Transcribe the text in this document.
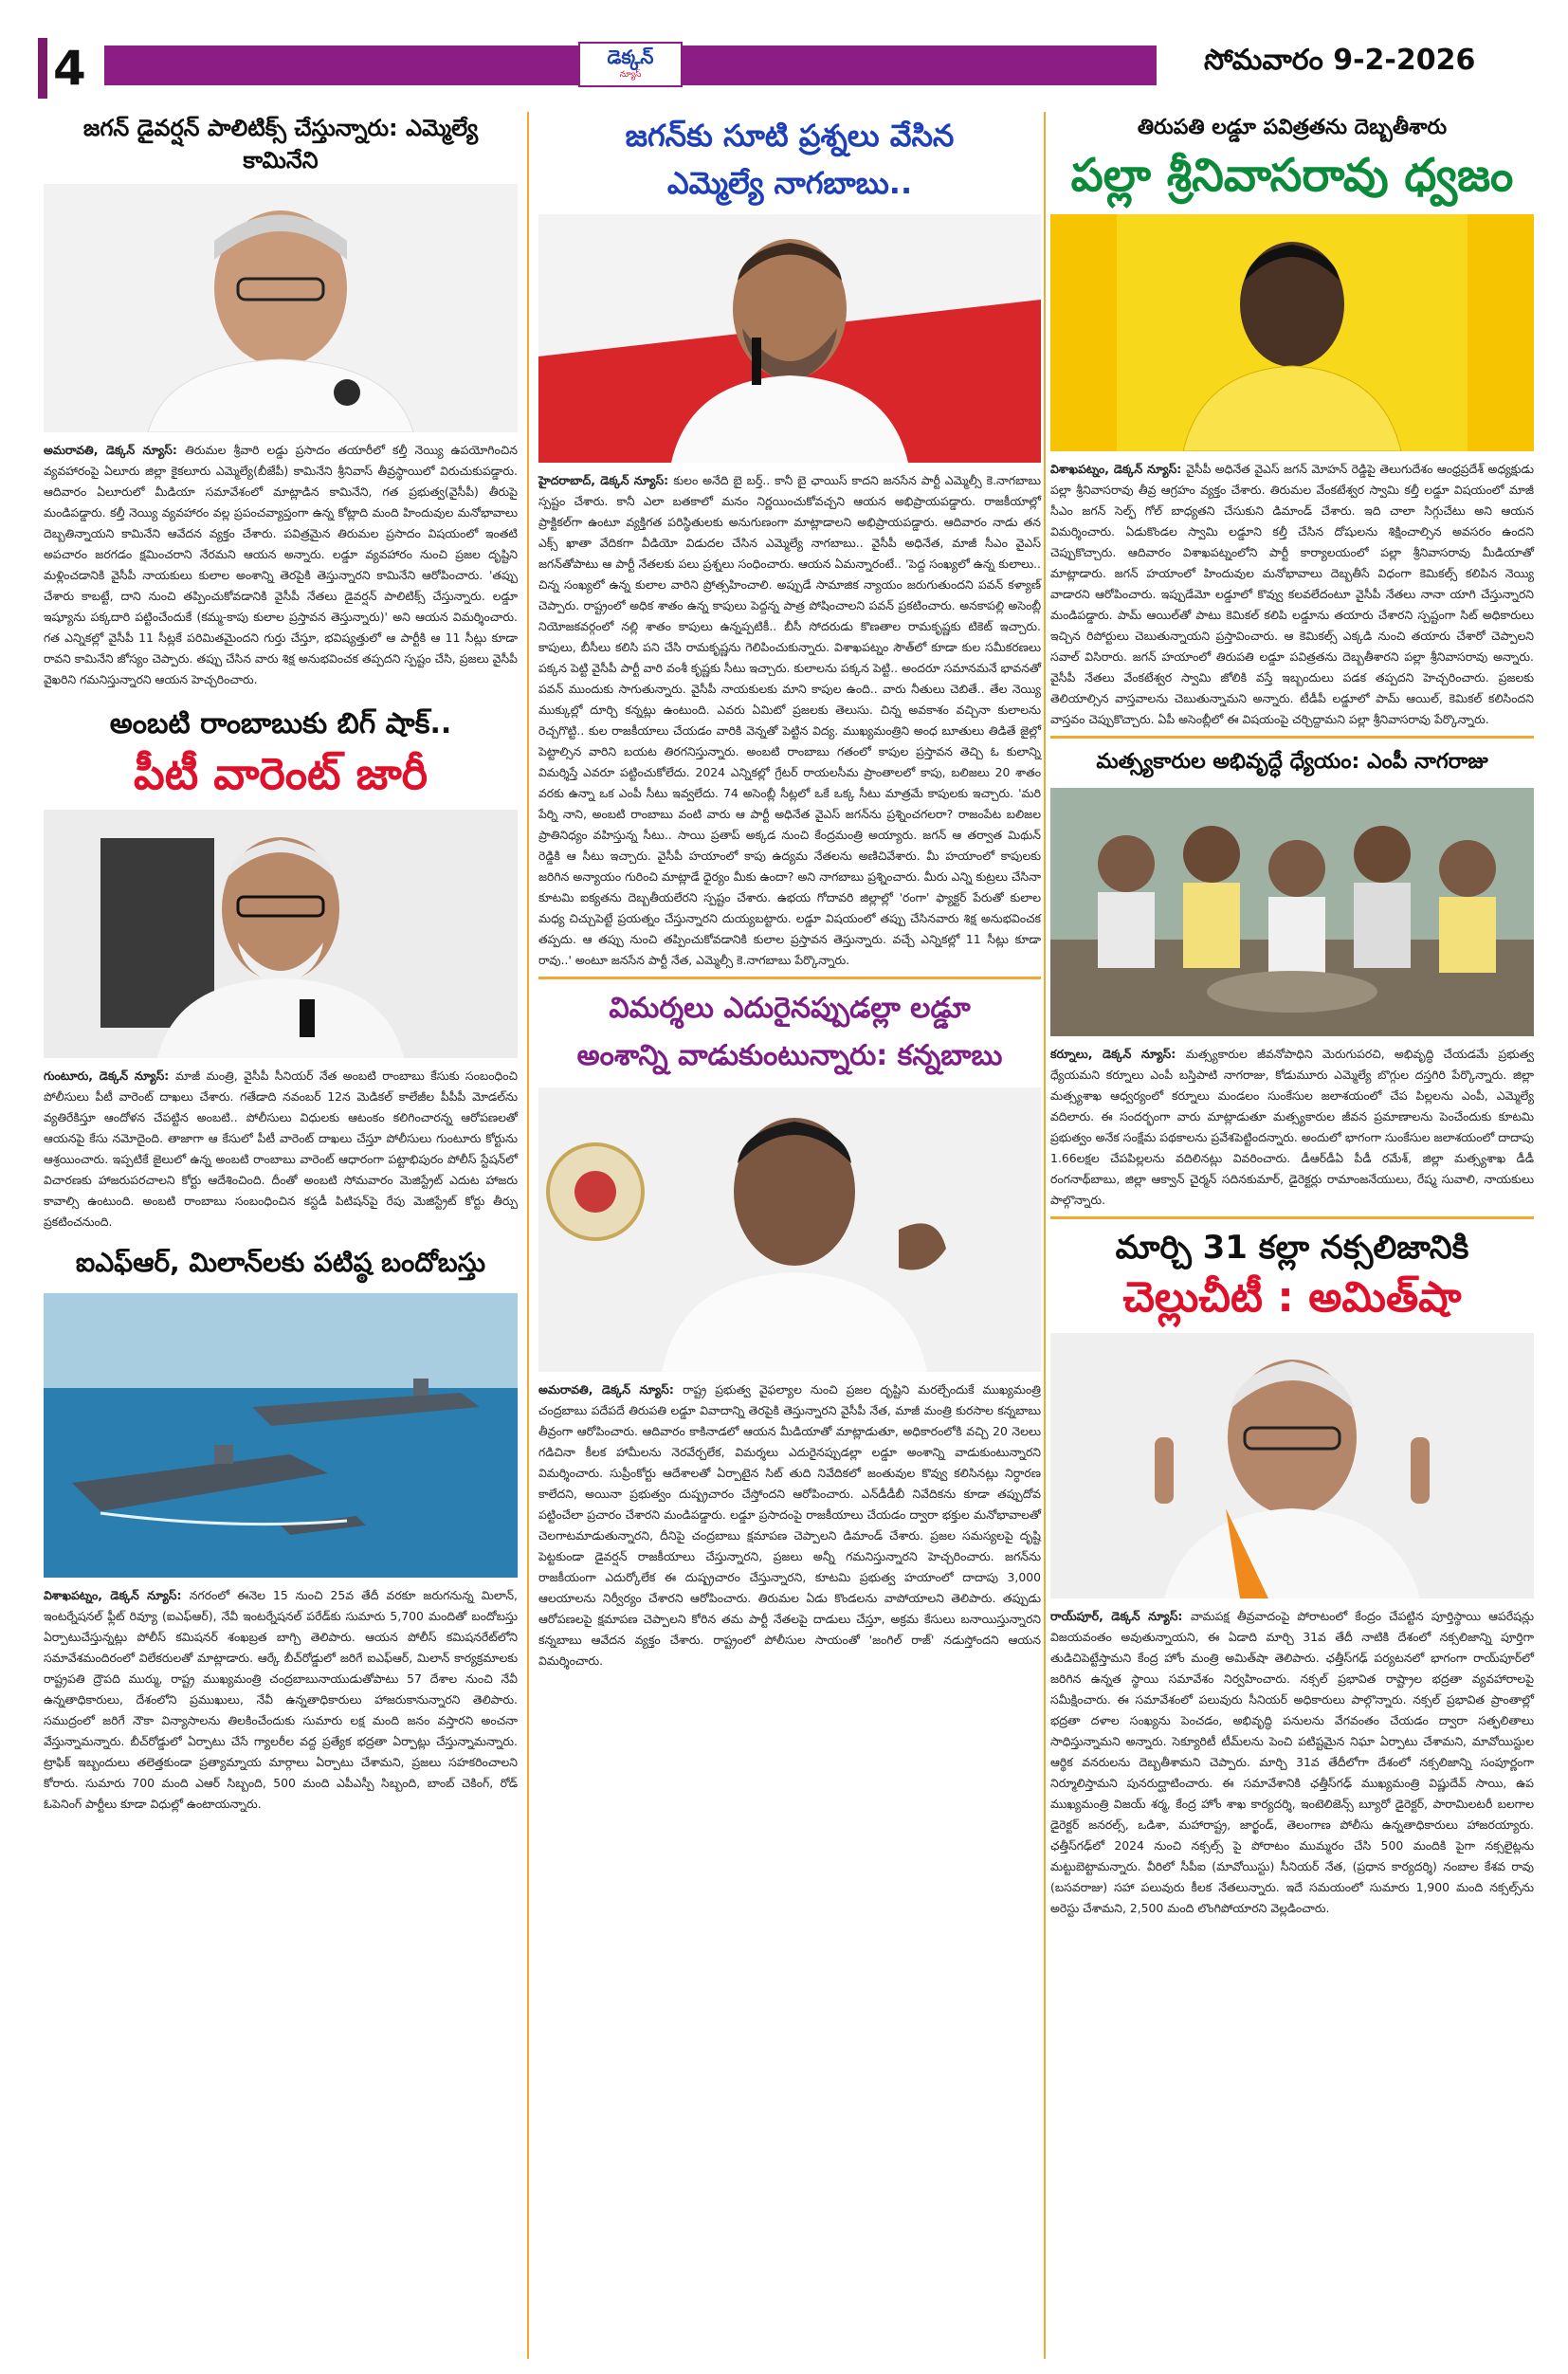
4	డెక్కన్
న్యూస్	సోమవారం 9-2-2026
జగన్ డైవర్షన్ పాలిటిక్స్ చేస్తున్నారు: ఎమ్మెల్యే కామినేని
అమరావతి, డెక్కన్ న్యూస్: తిరుమల శ్రీవారి లడ్డు ప్రసాదం తయారీలో కల్తీ నెయ్యి ఉపయోగించిన వ్యవహారంపై ఏలూరు జిల్లా కైకలూరు ఎమ్మెల్యే(బీజేపీ) కామినేని శ్రీనివాస్ తీవ్రస్థాయిలో విరుచుకుపడ్డారు. ఆదివారం ఏలూరులో మీడియా సమావేశంలో మాట్లాడిన కామినేని, గత ప్రభుత్వ(వైసీపీ) తీరుపై మండిపడ్డారు. కల్తీ నెయ్యి వ్యవహారం వల్ల ప్రపంచవ్యాప్తంగా ఉన్న కోట్లాది మంది హిందువుల మనోభావాలు దెబ్బతిన్నాయని కామినేని ఆవేదన వ్యక్తం చేశారు. పవిత్రమైన తిరుమల ప్రసాదం విషయంలో ఇంతటి అపచారం జరగడం క్షమించరాని నేరమని ఆయన అన్నారు. లడ్డూ వ్యవహారం నుంచి ప్రజల దృష్టిని మళ్లించడానికి వైసీపీ నాయకులు కులాల అంశాన్ని తెరపైకి తెస్తున్నారని కామినేని ఆరోపించారు. 'తప్పు చేశారు కాబట్టే, దాని నుంచి తప్పించుకోవడానికి వైసీపీ నేతలు డైవర్షన్ పాలిటిక్స్ చేస్తున్నారు. లడ్డూ ఇష్యూను పక్కదారి పట్టించేందుకే (కమ్మ-కాపు కులాల ప్రస్తావన తెస్తున్నారు)' అని ఆయన విమర్శించారు. గత ఎన్నికల్లో వైసీపీ 11 సీట్లకే పరిమితమైందని గుర్తు చేస్తూ, భవిష్యత్తులో ఆ పార్టీకి ఆ 11 సీట్లు కూడా రావని కామినేని జోస్యం చెప్పారు. తప్పు చేసిన వారు శిక్ష అనుభవించక తప్పదని స్పష్టం చేసి, ప్రజలు వైసీపీ వైఖరిని గమనిస్తున్నారని ఆయన హెచ్చరించారు.
అంబటి రాంబాబుకు బిగ్ షాక్..
పీటీ వారెంట్ జారీ
గుంటూరు, డెక్కన్ న్యూస్: మాజీ మంత్రి, వైసీపీ సీనియర్ నేత అంబటి రాంబాబు కేసుకు సంబంధించి పోలీసులు పీటీ వారెంట్ దాఖలు చేశారు. గతేడాది నవంబర్ 12న మెడికల్ కాలేజీల పీపీపీ మోడల్‌ను వ్యతిరేకిస్తూ ఆందోళన చేపట్టిన అంబటి.. పోలీసులు విధులకు ఆటంకం కలిగించారన్న ఆరోపణలతో ఆయనపై కేసు నమోదైంది. తాజాగా ఆ కేసులో పీటీ వారెంట్ దాఖలు చేస్తూ పోలీసులు గుంటూరు కోర్టును ఆశ్రయించారు. ఇప్పటికే జైలులో ఉన్న అంబటి రాంబాబు వారెంట్ ఆధారంగా పట్టాభిపురం పోలీస్ స్టేషన్‌లో విచారణకు హాజరుపరచాలని కోర్టు ఆదేశించింది. దీంతో అంబటి సోమవారం మెజిస్ట్రేట్ ఎదుట హాజరు కావాల్సి ఉంటుంది. అంబటి రాంబాబు సంబంధించిన కస్టడీ పిటిషన్‌పై రేపు మెజిస్ట్రేట్ కోర్టు తీర్పు ప్రకటించనుంది.
ఐఎఫ్ఆర్, మిలాన్‌లకు పటిష్ఠ బందోబస్తు
విశాఖపట్నం, డెక్కన్ న్యూస్: నగరంలో ఈనెల 15 నుంచి 25వ తేదీ వరకూ జరుగనున్న మిలాన్, ఇంటర్నేషనల్ ఫ్లీట్ రివ్యూ (ఐఎఫ్ఆర్), నేవీ ఇంటర్నేషనల్ పరేడ్‌కు సుమారు 5,700 మందితో బందోబస్తు ఏర్పాటుచేస్తున్నట్లు పోలీస్ కమిషనర్ శంఖబ్రత బాగ్చి తెలిపారు. ఆయన పోలీస్ కమిషనరేట్‌లోని సమావేశమందిరంలో విలేకరులతో మాట్లాడారు. ఆర్కే బీచ్‌రోడ్డులో జరిగే ఐఎఫ్ఆర్, మిలాన్ కార్యక్రమాలకు రాష్ట్రపతి ద్రౌపది ముర్ము, రాష్ట్ర ముఖ్యమంత్రి చంద్రబాబునాయుడుతోపాటు 57 దేశాల నుంచి నేవీ ఉన్నతాధికారులు, దేశంలోని ప్రముఖులు, నేవీ ఉన్నతాధికారులు హాజరుకానున్నారని తెలిపారు. సముద్రంలో జరిగే నౌకా విన్యాసాలను తిలకించేందుకు సుమారు లక్ష మంది జనం వస్తారని అంచనా వేస్తున్నామన్నారు. బీచ్‌రోడ్డులో ఏర్పాటు చేసే గ్యాలరీల వద్ద ప్రత్యేక భద్రతా ఏర్పాట్లు చేస్తున్నామన్నారు. ట్రాఫిక్ ఇబ్బందులు తలెత్తకుండా ప్రత్యామ్నాయ మార్గాలు ఏర్పాటు చేశామని, ప్రజలు సహకరించాలని కోరారు. సుమారు 700 మంది ఎఆర్ సిబ్బంది, 500 మంది ఎపీఎస్పీ సిబ్బంది, బాంబ్ చెకింగ్, రోడ్ ఓపెనింగ్ పార్టీలు కూడా విధుల్లో ఉంటాయన్నారు.
జగన్‌కు సూటి ప్రశ్నలు వేసిన
ఎమ్మెల్యే నాగబాబు..
హైదరాబాద్, డెక్కన్ న్యూస్: కులం అనేది బై బర్త్.. కానీ బై ఛాయిస్ కాదని జనసేన పార్టీ ఎమ్మెల్సీ కె.నాగబాబు స్పష్టం చేశారు. కానీ ఎలా బతకాలో మనం నిర్ణయించుకోవచ్చని ఆయన అభిప్రాయపడ్డారు. రాజకీయాల్లో ప్రాక్టికల్‌గా ఉంటూ వ్యక్తిగత పరిస్థితులకు అనుగుణంగా మాట్లాడాలని అభిప్రాయపడ్డారు. ఆదివారం నాడు తన ఎక్స్ ఖాతా వేదికగా వీడియో విడుదల చేసిన ఎమ్మెల్యే నాగబాబు.. వైసీపీ అధినేత, మాజీ సీఎం వైఎస్ జగన్‌తోపాటు ఆ పార్టీ నేతలకు పలు ప్రశ్నలు సంధించారు. ఆయన ఏమన్నారంటే.. 'పెద్ద సంఖ్యలో ఉన్న కులాలు.. చిన్న సంఖ్యలో ఉన్న కులాల వారిని ప్రోత్సహించాలి. అప్పుడే సామాజిక న్యాయం జరుగుతుందని పవన్ కళ్యాణ్ చెప్పారు. రాష్ట్రంలో అధిక శాతం ఉన్న కాపులు పెద్దన్న పాత్ర పోషించాలని పవన్ ప్రకటించారు. అనకాపల్లి అసెంబ్లీ నియోజకవర్గంలో నల్లి శాతం కాపులు ఉన్నప్పటికీ.. బీసీ సోదరుడు కొణతాల రామకృష్ణకు టికెట్ ఇచ్చారు. కాపులు, బీసీలు కలిసి పని చేసి రామకృష్ణను గెలిపించుకున్నారు. విశాఖపట్నం సౌత్‌లో కూడా కుల సమీకరణలు పక్కన పెట్టి వైసీపీ పార్టీ వారి వంశీ కృష్ణకు సీటు ఇచ్చారు. కులాలను పక్కన పెట్టి.. అందరూ సమానమనే భావనతో పవన్ ముందుకు సాగుతున్నారు. వైసీపీ నాయకులకు మాని కాపుల ఉంది.. వారు నీతులు చెబితే.. తేల నెయ్యి ముక్కుల్లో దూర్చి కన్నట్లు ఉంటుంది. ఎవరు ఏమిటో ప్రజలకు తెలుసు. చిన్న అవకాశం వచ్చినా కులాలను రెచ్చగొట్టి.. కుల రాజకీయాలు చేయడం వారికి వెన్నతో పెట్టిన విద్య. ముఖ్యమంత్రిని అంధ బూతులు తిడితే జైల్లో పెట్టాల్సిన వారిని బయట తిరగనిస్తున్నారు. అంబటి రాంబాబు గతంలో కాపుల ప్రస్తావన తెచ్చి ఓ కులాన్ని విమర్శిస్తే ఎవరూ పట్టించుకోలేదు. 2024 ఎన్నికల్లో గ్రేటర్ రాయలసీమ ప్రాంతాలలో కాపు, బలిజలు 20 శాతం వరకు ఉన్నా ఒక ఎంపీ సీటు ఇవ్వలేదు. 74 అసెంబ్లీ సీట్లలో ఒకే ఒక్క సీటు మాత్రమే కాపులకు ఇచ్చారు. 'మరి పేర్ని నాని, అంబటి రాంబాబు వంటి వారు ఆ పార్టీ అధినేత వైఎస్ జగన్‌ను ప్రశ్నించగలరా? రాజంపేట బలిజల ప్రాతినిధ్యం వహిస్తున్న సీటు.. సాయి ప్రతాప్ అక్కడ నుంచి కేంద్రమంత్రి అయ్యారు. జగన్ ఆ తర్వాత మిథున్ రెడ్డికి ఆ సీటు ఇచ్చారు. వైసీపీ హయాంలో కాపు ఉద్యమ నేతలను అణిచివేశారు. మీ హయాంలో కాపులకు జరిగిన అన్యాయం గురించి మాట్లాడే ధైర్యం మీకు ఉందా? అని నాగబాబు ప్రశ్నించారు. మీరు ఎన్ని కుట్రలు చేసినా కూటమి ఐక్యతను దెబ్బతీయలేరని స్పష్టం చేశారు. ఉభయ గోదావరి జిల్లాల్లో 'రంగా' ఫ్యాక్టర్ పేరుతో కులాల మధ్య చిచ్చుపెట్టే ప్రయత్నం చేస్తున్నారని దుయ్యబట్టారు. లడ్డూ విషయంలో తప్పు చేసినవారు శిక్ష అనుభవించక తప్పదు. ఆ తప్పు నుంచి తప్పించుకోవడానికి కులాల ప్రస్తావన తెస్తున్నారు. వచ్చే ఎన్నికల్లో 11 సీట్లు కూడా రావు..' అంటూ జనసేన పార్టీ నేత, ఎమ్మెల్సీ కె.నాగబాబు పేర్కొన్నారు.
విమర్శలు ఎదురైనప్పుడల్లా లడ్డూ
అంశాన్ని వాడుకుంటున్నారు: కన్నబాబు
అమరావతి, డెక్కన్ న్యూస్: రాష్ట్ర ప్రభుత్వ వైఫల్యాల నుంచి ప్రజల దృష్టిని మరల్చేందుకే ముఖ్యమంత్రి చంద్రబాబు పదేపదే తిరుపతి లడ్డూ వివాదాన్ని తెరపైకి తెస్తున్నారని వైసీపీ నేత, మాజీ మంత్రి కురసాల కన్నబాబు తీవ్రంగా ఆరోపించారు. ఆదివారం కాకినాడలో ఆయన మీడియాతో మాట్లాడుతూ, అధికారంలోకి వచ్చి 20 నెలలు గడిచినా కీలక హామీలను నెరవేర్చలేక, విమర్శలు ఎదురైనప్పుడల్లా లడ్డూ అంశాన్ని వాడుకుంటున్నారని విమర్శించారు. సుప్రీంకోర్టు ఆదేశాలతో ఏర్పాటైన సిట్ తుది నివేదికలో జంతువుల కొవ్వు కలిసినట్లు నిర్ధారణ కాలేదని, అయినా ప్రభుత్వం దుష్ప్రచారం చేస్తోందని ఆరోపించారు. ఎన్‌డీడీబీ నివేదికను కూడా తప్పుదోవ పట్టించేలా ప్రచారం చేశారని మండిపడ్డారు. లడ్డూ ప్రసాదంపై రాజకీయాలు చేయడం ద్వారా భక్తుల మనోభావాలతో చెలగాటమాడుతున్నారని, దీనిపై చంద్రబాబు క్షమాపణ చెప్పాలని డిమాండ్ చేశారు. ప్రజల సమస్యలపై దృష్టి పెట్టకుండా డైవర్షన్ రాజకీయాలు చేస్తున్నారని, ప్రజలు అన్నీ గమనిస్తున్నారని హెచ్చరించారు. జగన్‌ను రాజకీయంగా ఎదుర్కోలేక ఈ దుష్ప్రచారం చేస్తున్నారని, కూటమి ప్రభుత్వ హయాంలో దాదాపు 3,000 ఆలయాలను నిర్వీర్యం చేశారని ఆరోపించారు. తిరుమల ఏడు కొండలను వాపోయాలని తెలిపారు. తప్పుడు ఆరోపణలపై క్షమాపణ చెప్పాలని కోరిన తమ పార్టీ నేతలపై దాడులు చేస్తూ, అక్రమ కేసులు బనాయిస్తున్నారని కన్నబాబు ఆవేదన వ్యక్తం చేశారు. రాష్ట్రంలో పోలీసుల సాయంతో 'జంగిల్ రాజ్' నడుస్తోందని ఆయన విమర్శించారు.
తిరుపతి లడ్డూ పవిత్రతను దెబ్బతీశారు
పల్లా శ్రీనివాసరావు ధ్వజం
విశాఖపట్నం, డెక్కన్ న్యూస్: వైసీపీ అధినేత వైఎస్ జగన్ మోహన్ రెడ్డిపై తెలుగుదేశం ఆంధ్రప్రదేశ్ అధ్యక్షుడు పల్లా శ్రీనివాసరావు తీవ్ర ఆగ్రహం వ్యక్తం చేశారు. తిరుమల వేంకటేశ్వర స్వామి కల్తీ లడ్డూ విషయంలో మాజీ సీఎం జగన్ సెల్ఫ్ గోల్ బాధ్యతని చేసుకుని డిమాండ్ చేశారు. ఇది చాలా సిగ్గుచేటు అని ఆయన విమర్శించారు. ఏడుకొండల స్వామి లడ్డూని కల్తీ చేసిన దోషులను శిక్షించాల్సిన అవసరం ఉందని చెప్పుకొచ్చారు. ఆదివారం విశాఖపట్నంలోని పార్టీ కార్యాలయంలో పల్లా శ్రీనివాసరావు మీడియాతో మాట్లాడారు. జగన్ హయాంలో హిందువుల మనోభావాలు దెబ్బతీసే విధంగా కెమికల్స్ కలిపిన నెయ్యి వాడారని ఆరోపించారు. ఇప్పుడేమో లడ్డూలో కొవ్వు కలవలేదంటూ వైసీపీ నేతలు నానా యాగి చేస్తున్నారని మండిపడ్డారు. పామ్ ఆయిల్‌తో పాటు కెమికల్ కలిపి లడ్డూను తయారు చేశారని స్పష్టంగా సిట్ అధికారులు ఇచ్చిన రిపోర్టులు చెబుతున్నాయని ప్రస్తావించారు. ఆ కెమికల్స్ ఎక్కడి నుంచి తయారు చేశారో చెప్పాలని సవాల్ విసిరారు. జగన్ హయాంలో తిరుపతి లడ్డూ పవిత్రతను దెబ్బతీశారని పల్లా శ్రీనివాసరావు అన్నారు. వైసీపీ నేతలు వేంకటేశ్వర స్వామి జోలికి వస్తే ఇబ్బందులు పడక తప్పదని హెచ్చరించారు. ప్రజలకు తెలియాల్సిన వాస్తవాలను చెబుతున్నామని అన్నారు. టీడీపీ లడ్డూలో పామ్ ఆయిల్, కెమికల్ కలిసిందని వాస్తవం చెప్పుకొచ్చారు. ఏపీ అసెంబ్లీలో ఈ విషయంపై చర్చిద్దామని పల్లా శ్రీనివాసరావు పేర్కొన్నారు.
మత్స్యకారుల అభివృద్ధే ధ్యేయం: ఎంపీ నాగరాజు
కర్నూలు, డెక్కన్ న్యూస్: మత్స్యకారుల జీవనోపాధిని మెరుగుపరచి, అభివృద్ధి చేయడమే ప్రభుత్వ ధ్యేయమని కర్నూలు ఎంపీ బస్తిపాటి నాగరాజు, కోడుమూరు ఎమ్మెల్యే బొగ్గుల దస్తగిరి పేర్కొన్నారు. జిల్లా మత్స్యశాఖ ఆధ్వర్యంలో కర్నూలు మండలం సుంకేసుల జలాశయంలో చేప పిల్లలను ఎంపీ, ఎమ్మెల్యే వదిలారు. ఈ సందర్భంగా వారు మాట్లాడుతూ మత్స్యకారుల జీవన ప్రమాణాలను పెంచేందుకు కూటమి ప్రభుత్వం అనేక సంక్షేమ పథకాలను ప్రవేశపెట్టిందన్నారు. అందులో భాగంగా సుంకేసుల జలాశయంలో దాదాపు 1.66లక్షల చేపపిల్లలను వదిలినట్లు వివరించారు. డీఆర్‌డీఏ పీడీ రమేశ్, జిల్లా మత్స్యశాఖ డీడీ రంగనాథ్‌బాబు, జిల్లా ఆక్వాన్ చైర్మన్ సదినకుమార్, డైరెక్టర్లు రామాంజనేయులు, రేష్మ సువాలి, నాయకులు పాల్గొన్నారు.
మార్చి 31 కల్లా నక్సలిజానికి
చెల్లుచీటీ : అమిత్‌షా
రాయ్‌పూర్, డెక్కన్ న్యూస్: వామపక్ష తీవ్రవాదంపై పోరాటంలో కేంద్రం చేపట్టిన పూర్తిస్థాయి ఆపరేషన్లు విజయవంతం అవుతున్నాయని, ఈ ఏడాది మార్చి 31వ తేదీ నాటికి దేశంలో నక్సలిజాన్ని పూర్తిగా తుడిచిపెట్టేస్తామని కేంద్ర హోం మంత్రి అమిత్‌షా తెలిపారు. ఛత్తీస్‌గఢ్ పర్యటనలో భాగంగా రాయ్‌పూర్‌లో జరిగిన ఉన్నత స్థాయి సమావేశం నిర్వహించారు. నక్సల్ ప్రభావిత రాష్ట్రాల భద్రతా వ్యవహారాలపై సమీక్షించారు. ఈ సమావేశంలో పలువురు సీనియర్ అధికారులు పాల్గొన్నారు. నక్సల్ ప్రభావిత ప్రాంతాల్లో భద్రతా దళాల సంఖ్యను పెంచడం, అభివృద్ధి పనులను వేగవంతం చేయడం ద్వారా సత్ఫలితాలు సాధిస్తున్నామని అన్నారు. సెక్యూరిటీ టీమ్‌లను పెంచి పటిష్టమైన నిఘా ఏర్పాటు చేశామని, మావోయిస్టుల ఆర్థిక వనరులను దెబ్బతీశామని చెప్పారు. మార్చి 31వ తేదీలోగా దేశంలో నక్సలిజాన్ని సంపూర్ణంగా నిర్మూలిస్తామని పునరుద్ఘాటించారు. ఈ సమావేశానికి ఛత్తీస్‌గఢ్ ముఖ్యమంత్రి విష్ణుదేవ్ సాయి, ఉప ముఖ్యమంత్రి విజయ్ శర్మ, కేంద్ర హోం శాఖ కార్యదర్శి, ఇంటెలిజెన్స్ బ్యూరో డైరెక్టర్, పారామిలటరీ బలగాల డైరెక్టర్ జనరల్స్, ఒడిశా, మహారాష్ట్ర, జార్ఖండ్, తెలంగాణ పోలీసు ఉన్నతాధికారులు హాజరయ్యారు. ఛత్తీస్‌గఢ్‌లో 2024 నుంచి నక్సల్స్‌ పై పోరాటం ముమ్మరం చేసి 500 మందికి పైగా నక్సలైట్లను మట్టుబెట్టామన్నారు. వీరిలో సీపీఐ (మావోయిస్టు) సీనియర్ నేత, (ప్రధాన కార్యదర్శి) నంబాల కేశవ రావు (బసవరాజు) సహా పలువురు కీలక నేతలున్నారు. ఇదే సమయంలో సుమారు 1,900 మంది నక్సల్స్‌ను అరెస్టు చేశామని, 2,500 మంది లొంగిపోయారని వెల్లడించారు.
